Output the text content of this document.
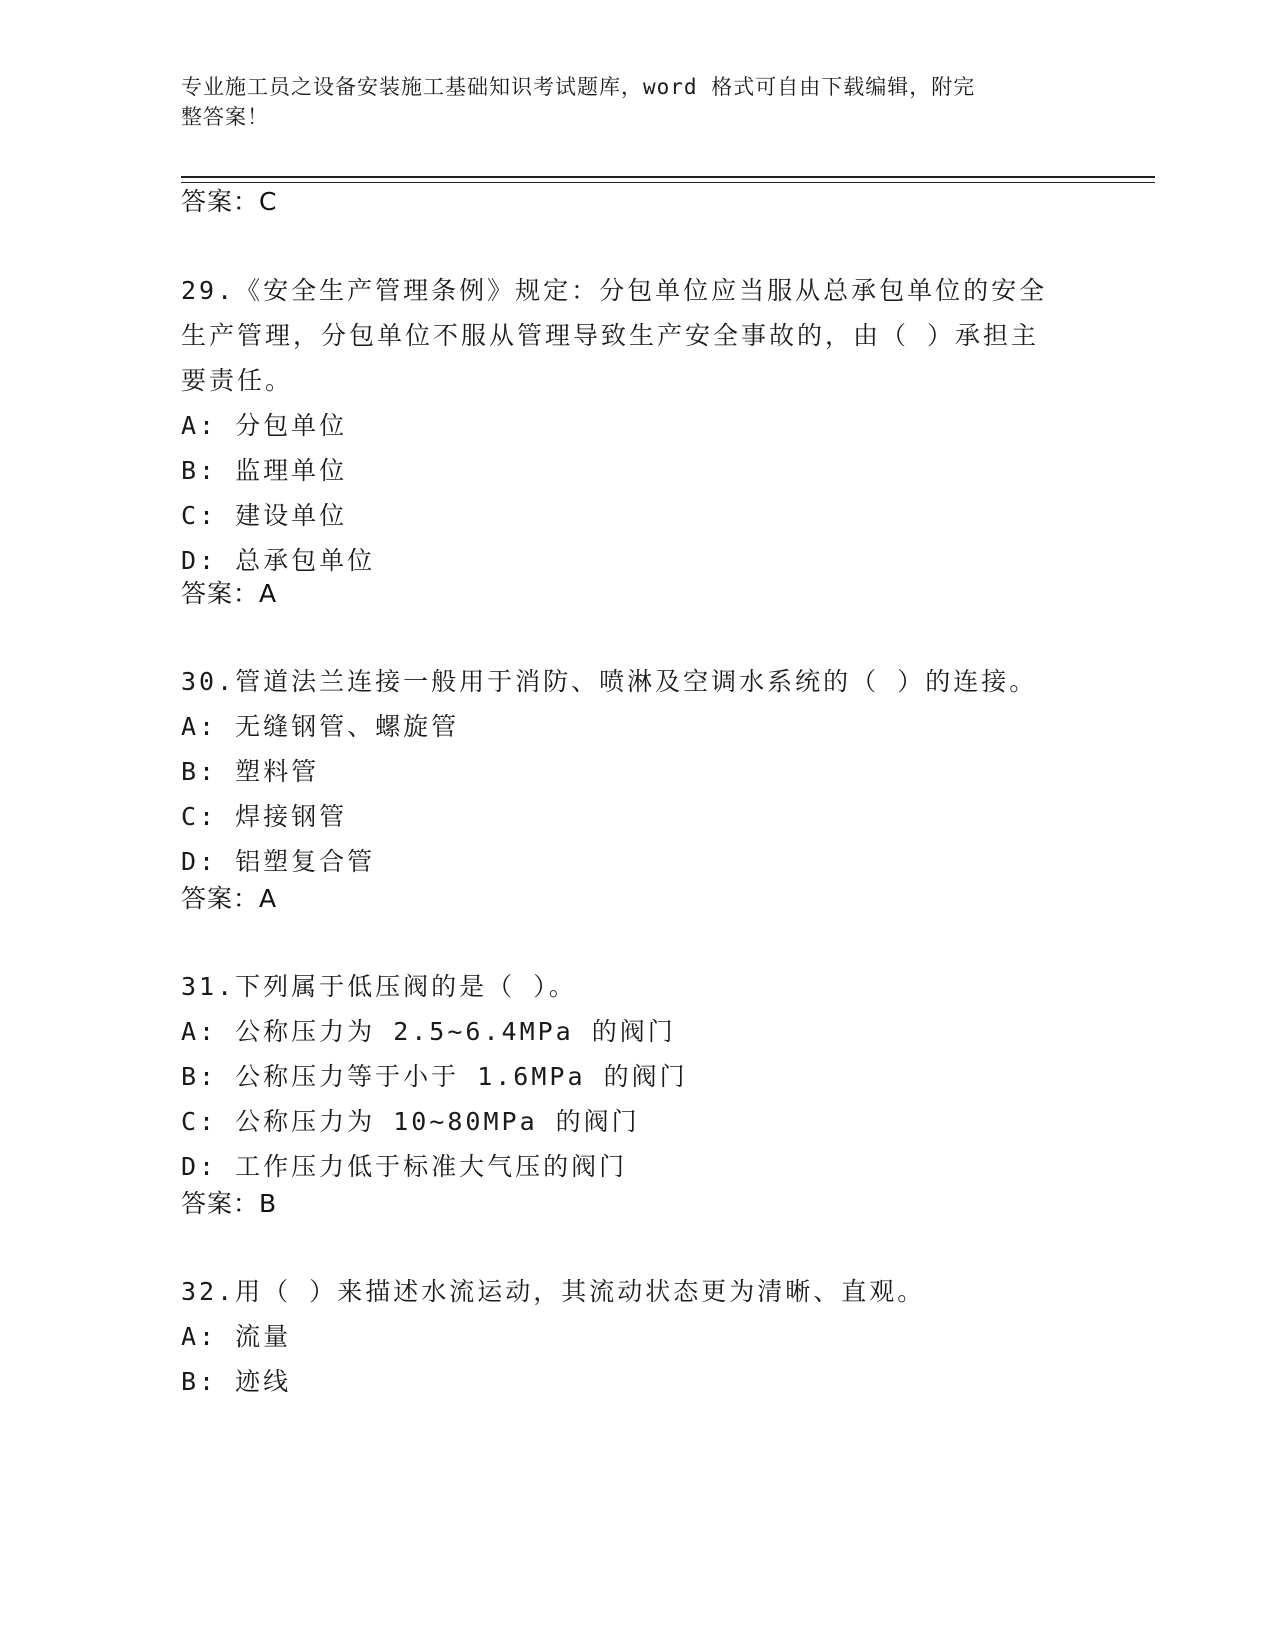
专业施工员之设备安装施工基础知识考试题库，word 格式可自由下载编辑，附完
整答案！
答案：C
29.《安全生产管理条例》规定：分包单位应当服从总承包单位的安全
生产管理，分包单位不服从管理导致生产安全事故的，由（ ）承担主
要责任。
A: 分包单位
B: 监理单位
C: 建设单位
D: 总承包单位
答案：A
30.管道法兰连接一般用于消防、喷淋及空调水系统的（ ）的连接。
A: 无缝钢管、螺旋管
B: 塑料管
C: 焊接钢管
D: 铝塑复合管
答案：A
31.下列属于低压阀的是（ ）。
A: 公称压力为 2.5~6.4MPa 的阀门
B: 公称压力等于小于 1.6MPa 的阀门
C: 公称压力为 10~80MPa 的阀门
D: 工作压力低于标准大气压的阀门
答案：B
32.用（ ）来描述水流运动，其流动状态更为清晰、直观。
A: 流量
B: 迹线
